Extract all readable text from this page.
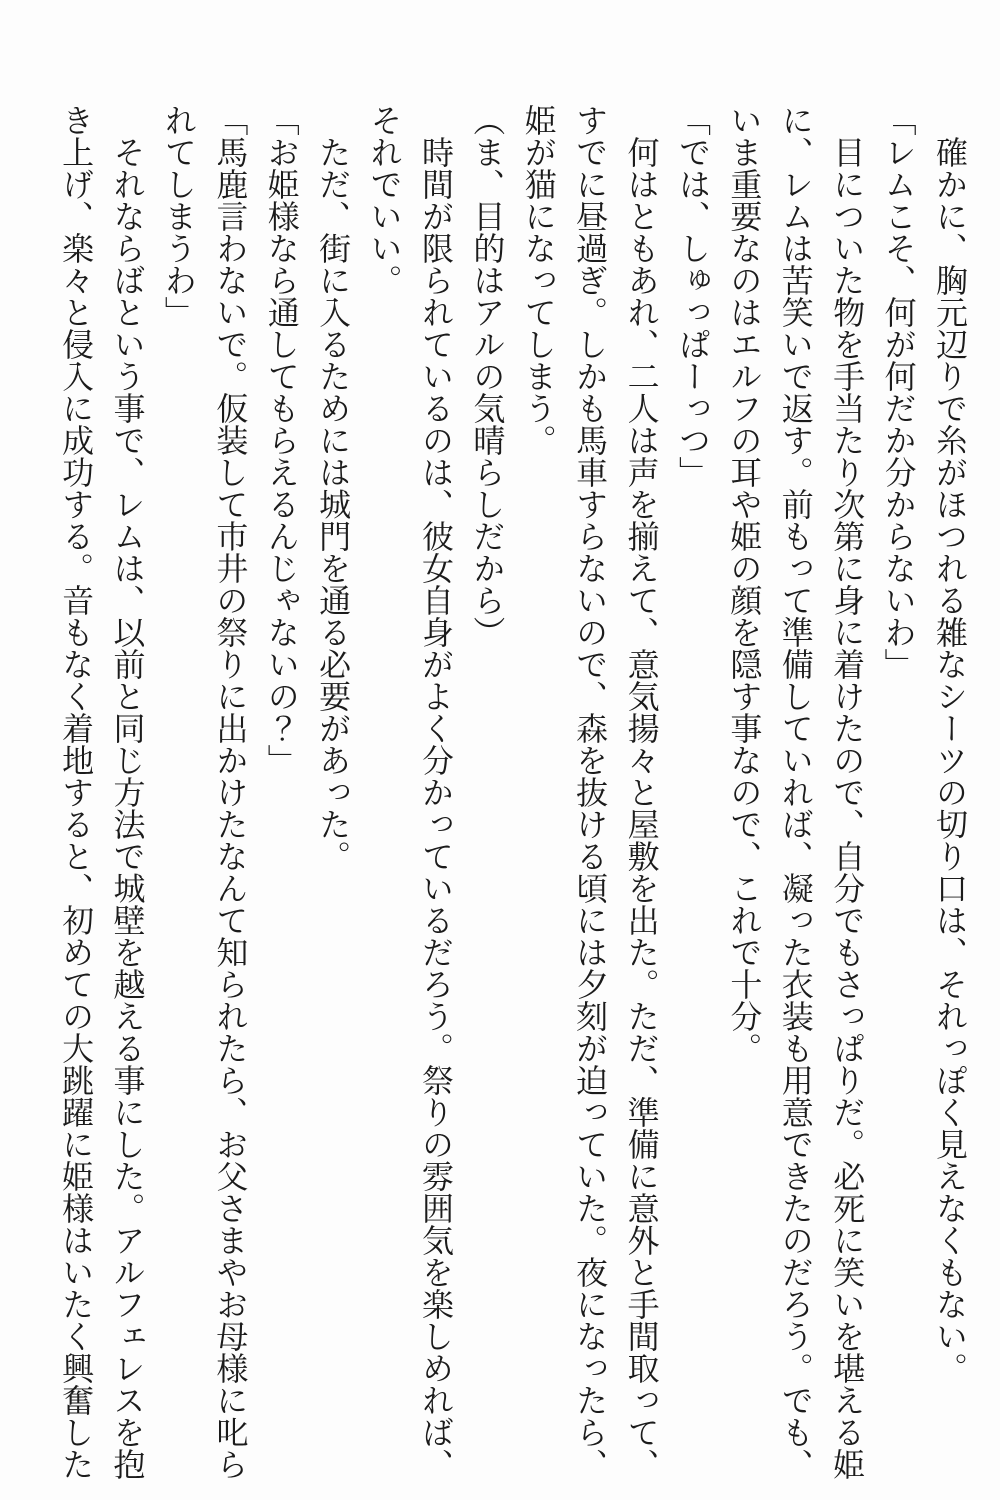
確かに、胸元辺りで糸がほつれる雑なシーツの切り口は、それっぽく見えなくもない。

「レムこそ、何が何だか分からないわ」

目についた物を手当たり次第に身に着けたので、自分でもさっぱりだ。必死に笑いを堪える姫に、レムは苦笑いで返す。前もって準備していれば、凝った衣装も用意できたのだろう。でも、いま重要なのはエルフの耳や姫の顔を隠す事なので、これで十分。

「では、しゅっぱーっつ」

何はともあれ、二人は声を揃えて、意気揚々と屋敷を出た。ただ、準備に意外と手間取って、すでに昼過ぎ。しかも馬車すらないので、森を抜ける頃には夕刻が迫っていた。夜になったら、姫が猫になってしまう。

（ま、目的はアルの気晴らしだから）

時間が限られているのは、彼女自身がよく分かっているだろう。祭りの雰囲気を楽しめれば、それでいい。

ただ、街に入るためには城門を通る必要があった。

「お姫様なら通してもらえるんじゃないの？」

「馬鹿言わないで。仮装して市井の祭りに出かけたなんて知られたら、お父さまやお母様に叱られてしまうわ」

それならばという事で、レムは、以前と同じ方法で城壁を越える事にした。アルフェレスを抱き上げ、楽々と侵入に成功する。音もなく着地すると、初めての大跳躍に姫様はいたく興奮した
